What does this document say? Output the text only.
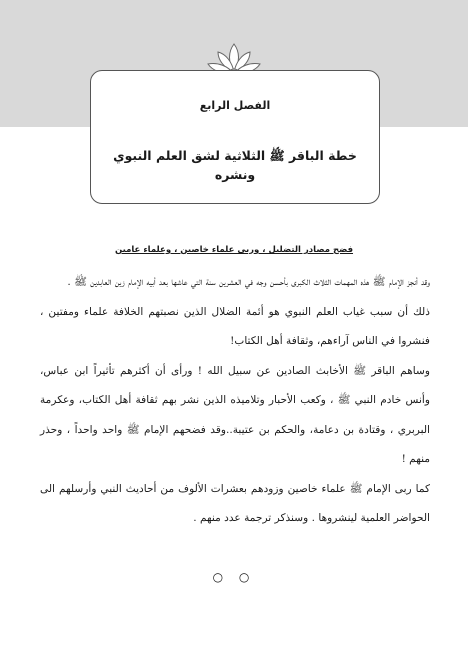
الفصل الرابع
خطة الباقر ﷺ الثلاثية لشق العلم النبوي ونشره
فضح مصادر التضليل ، وربى علماء خاصين ، وعلماء عامين

وقد أنجز الإمام ﷺ هذه المهمات الثلاث الكبرى بأحسن وجه في العشرين سنة التي عاشها بعد أبيه الإمام زين العابدين ﷺ .

ذلك أن سبب غياب العلم النبوي هو أئمة الضلال الذين نصبتهم الخلافة علماء ومفتين ، فنشروا في الناس آراءهم، وثقافة أهل الكتاب!

وساهم الباقر ﷺ الأخابث الصادين عن سبيل الله ! ورأى أن أكثرهم تأثيراً ابن عباس، وأنس خادم النبي ﷺ ، وكعب الأحبار وتلاميذه الذين نشر بهم ثقافة أهل الكتاب، وعكرمة البربري ، وقتادة بن دعامة، والحكم بن عتيبة..وقد فضحهم الإمام ﷺ واحد واحداً ، وحذر منهم !

كما ربى الإمام ﷺ علماء خاصين وزودهم بعشرات الألوف من أحاديث النبي وأرسلهم الى الحواضر العلمية لينشروها . وسنذكر ترجمة عدد منهم .

○ ○
